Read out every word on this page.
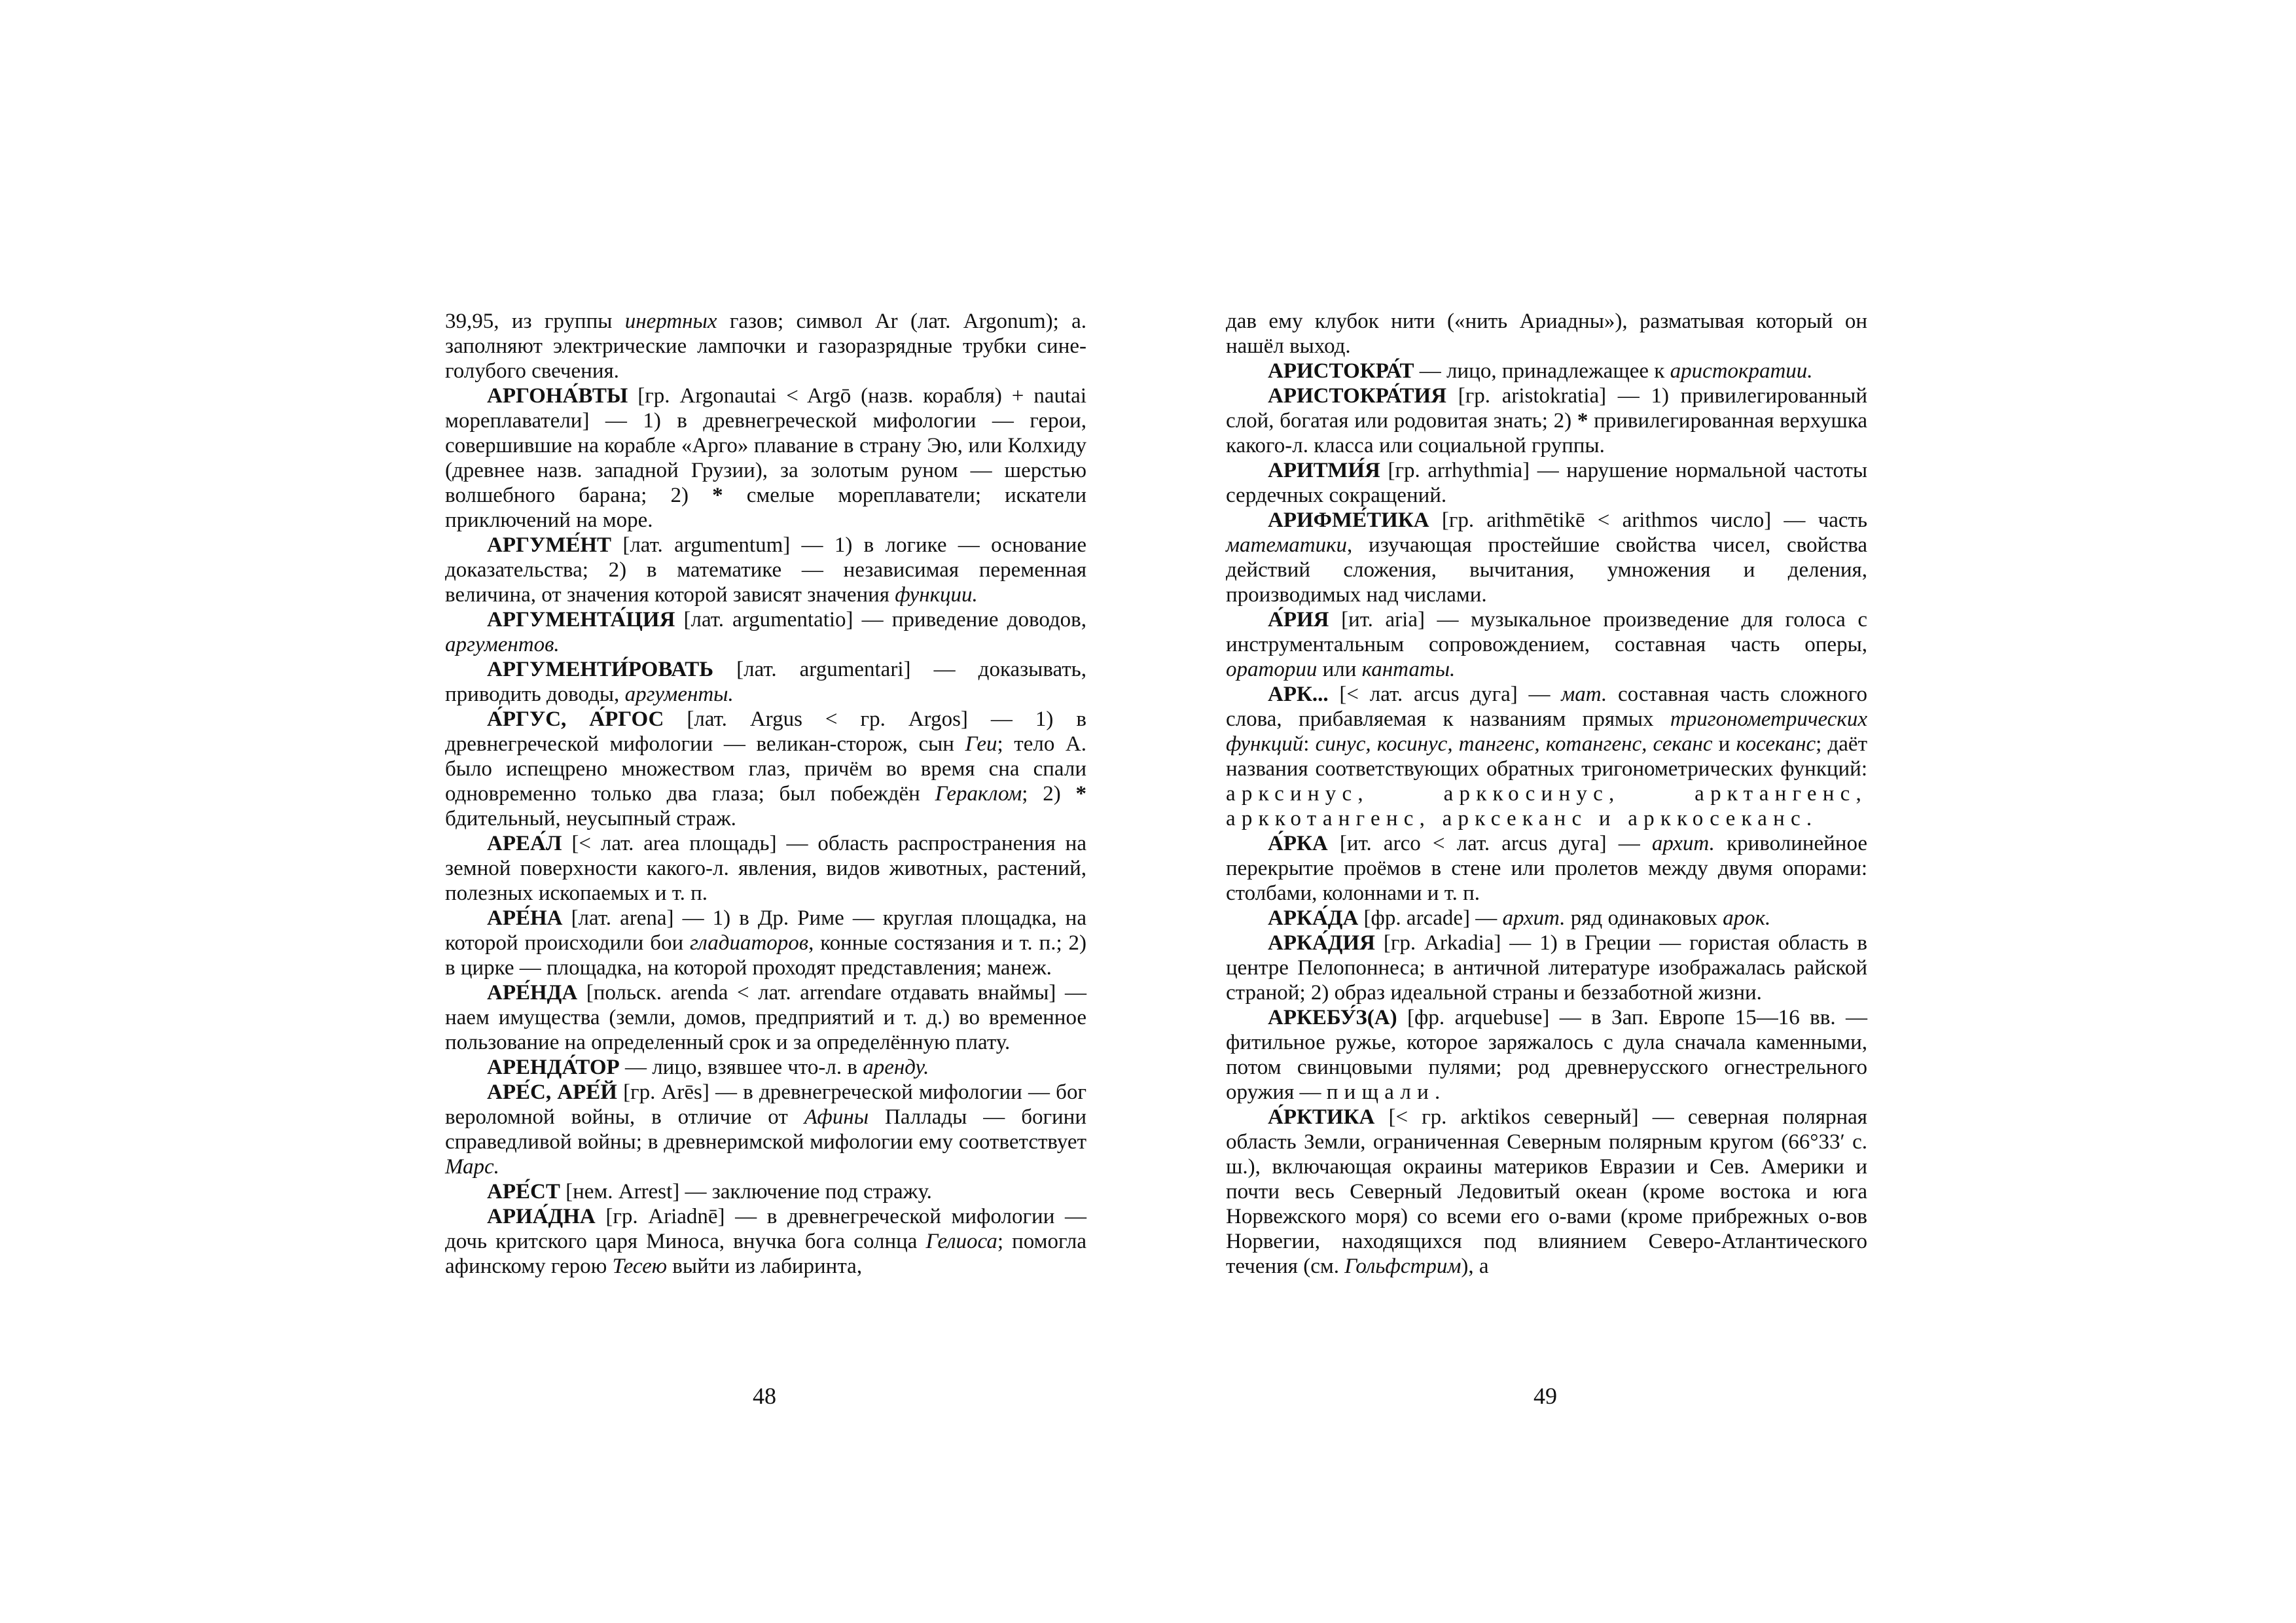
39,95, из группы инертных газов; символ Ar (лат. Argonum); а. заполняют электрические лампочки и газоразрядные трубки сине-голубого свечения.

АРГОНА́ВТЫ [гр. Argonautai < Argō (назв. корабля) + nautai мореплаватели] — 1) в древнегреческой мифологии — герои, совершившие на корабле «Арго» плавание в страну Эю, или Колхиду (древнее назв. западной Грузии), за золотым руном — шерстью волшебного барана; 2) * смелые мореплаватели; искатели приключений на море.

АРГУМЕ́НТ [лат. argumentum] — 1) в логике — основание доказательства; 2) в математике — независимая переменная величина, от значения которой зависят значения функции.

АРГУМЕНТА́ЦИЯ [лат. argumentatio] — приведение доводов, аргументов.

АРГУМЕНТИ́РОВАТЬ [лат. argumentari] — доказывать, приводить доводы, аргументы.

А́РГУС, А́РГОС [лат. Argus < гр. Argos] — 1) в древнегреческой мифологии — великан-сторож, сын Геи; тело А. было испещрено множеством глаз, причём во время сна спали одновременно только два глаза; был побеждён Гераклом; 2) * бдительный, неусыпный страж.

АРЕА́Л [< лат. area площадь] — область распространения на земной поверхности какого-л. явления, видов животных, растений, полезных ископаемых и т. п.

АРЕ́НА [лат. arena] — 1) в Др. Риме — круглая площадка, на которой происходили бои гладиаторов, конные состязания и т. п.; 2) в цирке — площадка, на которой проходят представления; манеж.

АРЕ́НДА [польск. arenda < лат. arrendare отдавать внаймы] — наем имущества (земли, домов, предприятий и т. д.) во временное пользование на определенный срок и за определённую плату.

АРЕНДА́ТОР — лицо, взявшее что-л. в аренду.

АРЕ́С, АРЕ́Й [гр. Arēs] — в древнегреческой мифологии — бог вероломной войны, в отличие от Афины Паллады — богини справедливой войны; в древнеримской мифологии ему соответствует Марс.

АРЕ́СТ [нем. Arrest] — заключение под стражу.

АРИА́ДНА [гр. Ariadnē] — в древнегреческой мифологии — дочь критского царя Миноса, внучка бога солнца Гелиоса; помогла афинскому герою Тесею выйти из лабиринта,

дав ему клубок нити («нить Ариадны»), разматывая который он нашёл выход.

АРИСТОКРА́Т — лицо, принадлежащее к аристократии.

АРИСТОКРА́ТИЯ [гр. aristokratia] — 1) привилегированный слой, богатая или родовитая знать; 2) * привилегированная верхушка какого-л. класса или социальной группы.

АРИТМИ́Я [гр. arrhythmia] — нарушение нормальной частоты сердечных сокращений.

АРИФМЕ́ТИКА [гр. arithmētikē < arithmos число] — часть математики, изучающая простейшие свойства чисел, свойства действий сложения, вычитания, умножения и деления, производимых над числами.

А́РИЯ [ит. aria] — музыкальное произведение для голоса с инструментальным сопровождением, составная часть оперы, оратории или кантаты.

АРК... [< лат. arcus дуга] — мат. составная часть сложного слова, прибавляемая к названиям прямых тригонометрических функций: синус, косинус, тангенс, котангенс, секанс и косеканс; даёт названия соответствующих обратных тригонометрических функций: арксинус, арккосинус, арктангенс, арккотангенс, арксеканс и арккосеканс.

А́РКА [ит. arco < лат. arcus дуга] — архит. криволинейное перекрытие проёмов в стене или пролетов между двумя опорами: столбами, колоннами и т. п.

АРКА́ДА [фр. arcade] — архит. ряд одинаковых арок.

АРКА́ДИЯ [гр. Arkadia] — 1) в Греции — гористая область в центре Пелопоннеса; в античной литературе изображалась райской страной; 2) образ идеальной страны и беззаботной жизни.

АРКЕБУ́З(А) [фр. arquebuse] — в Зап. Европе 15—16 вв. — фитильное ружье, которое заряжалось с дула сначала каменными, потом свинцовыми пулями; род древнерусского огнестрельного оружия — пищали.

А́РКТИКА [< гр. arktikos северный] — северная полярная область Земли, ограниченная Северным полярным кругом (66°33′ с. ш.), включающая окраины материков Евразии и Сев. Америки и почти весь Северный Ледовитый океан (кроме востока и юга Норвежского моря) со всеми его о-вами (кроме прибрежных о-вов Норвегии, находящихся под влиянием Северо-Атлантического течения (см. Гольфстрим), а

48	49
